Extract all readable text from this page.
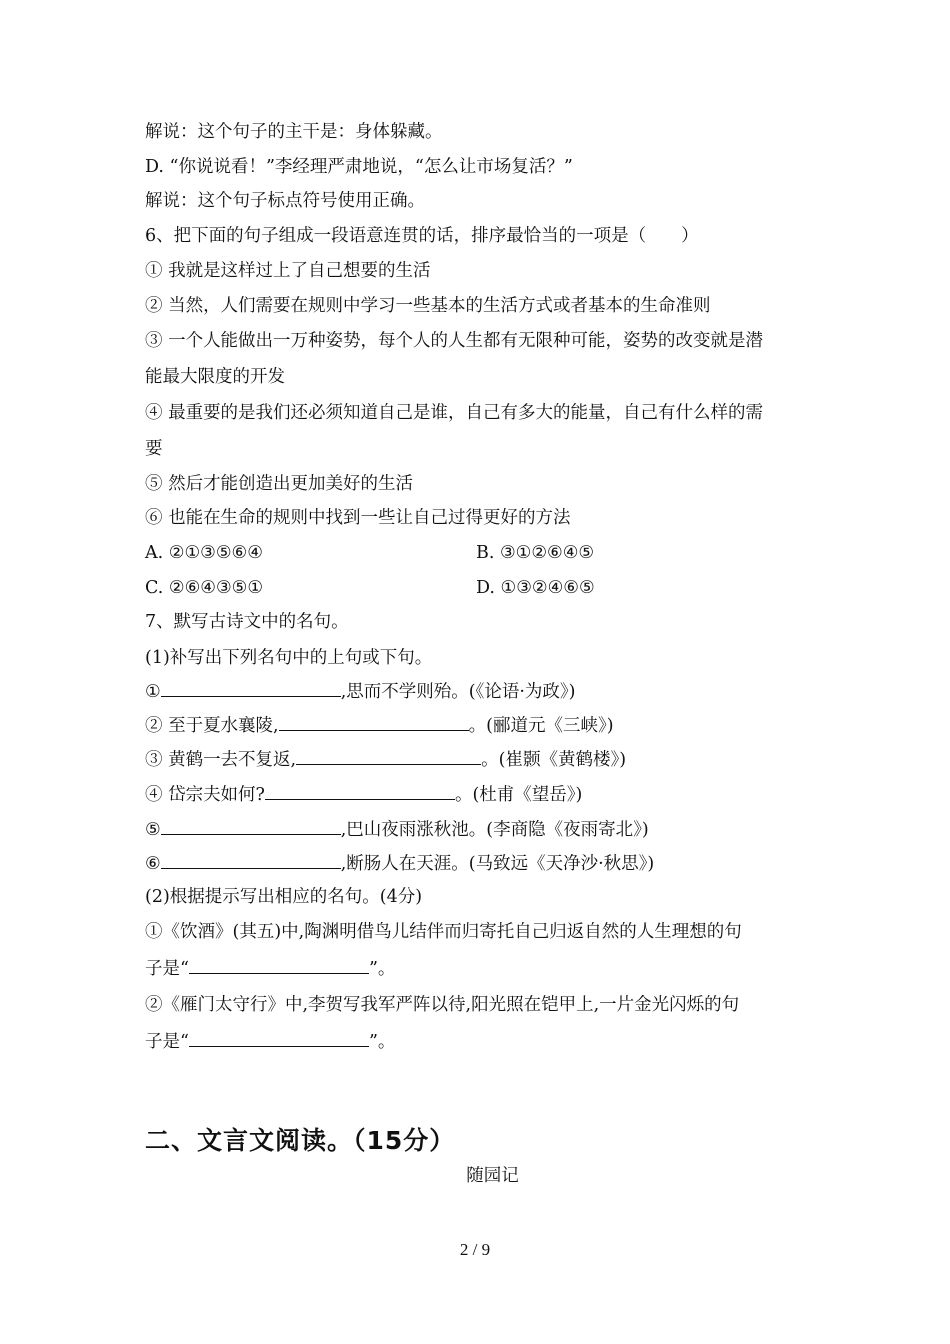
解说：这个句子的主干是：身体躲藏。
D. “你说说看！”李经理严肃地说，“怎么让市场复活？”
解说：这个句子标点符号使用正确。
6、把下面的句子组成一段语意连贯的话，排序最恰当的一项是（　　）
① 我就是这样过上了自己想要的生活
② 当然，人们需要在规则中学习一些基本的生活方式或者基本的生命准则
③ 一个人能做出一万种姿势，每个人的人生都有无限种可能，姿势的改变就是潜
能最大限度的开发
④ 最重要的是我们还必须知道自己是谁，自己有多大的能量，自己有什么样的需
要
⑤ 然后才能创造出更加美好的生活
⑥ 也能在生命的规则中找到一些让自己过得更好的方法
A. ②①③⑤⑥④	B. ③①②⑥④⑤
C. ②⑥④③⑤①	D. ①③②④⑥⑤
7、默写古诗文中的名句。
(1)补写出下列名句中的上句或下句。
①	,思而不学则殆。(《论语·为政》)
② 至于夏水襄陵,	。(郦道元《三峡》)
③ 黄鹤一去不复返,	。(崔颢《黄鹤楼》)
④ 岱宗夫如何?	。(杜甫《望岳》)
⑤	,巴山夜雨涨秋池。(李商隐《夜雨寄北》)
⑥	,断肠人在天涯。(马致远《天净沙·秋思》)
(2)根据提示写出相应的名句。(4分)
①《饮酒》(其五)中,陶渊明借鸟儿结伴而归寄托自己归返自然的人生理想的句
子是“	”。
②《雁门太守行》中,李贺写我军严阵以待,阳光照在铠甲上,一片金光闪烁的句
子是“	”。
二、文言文阅读。（15分）
随园记
2 / 9
